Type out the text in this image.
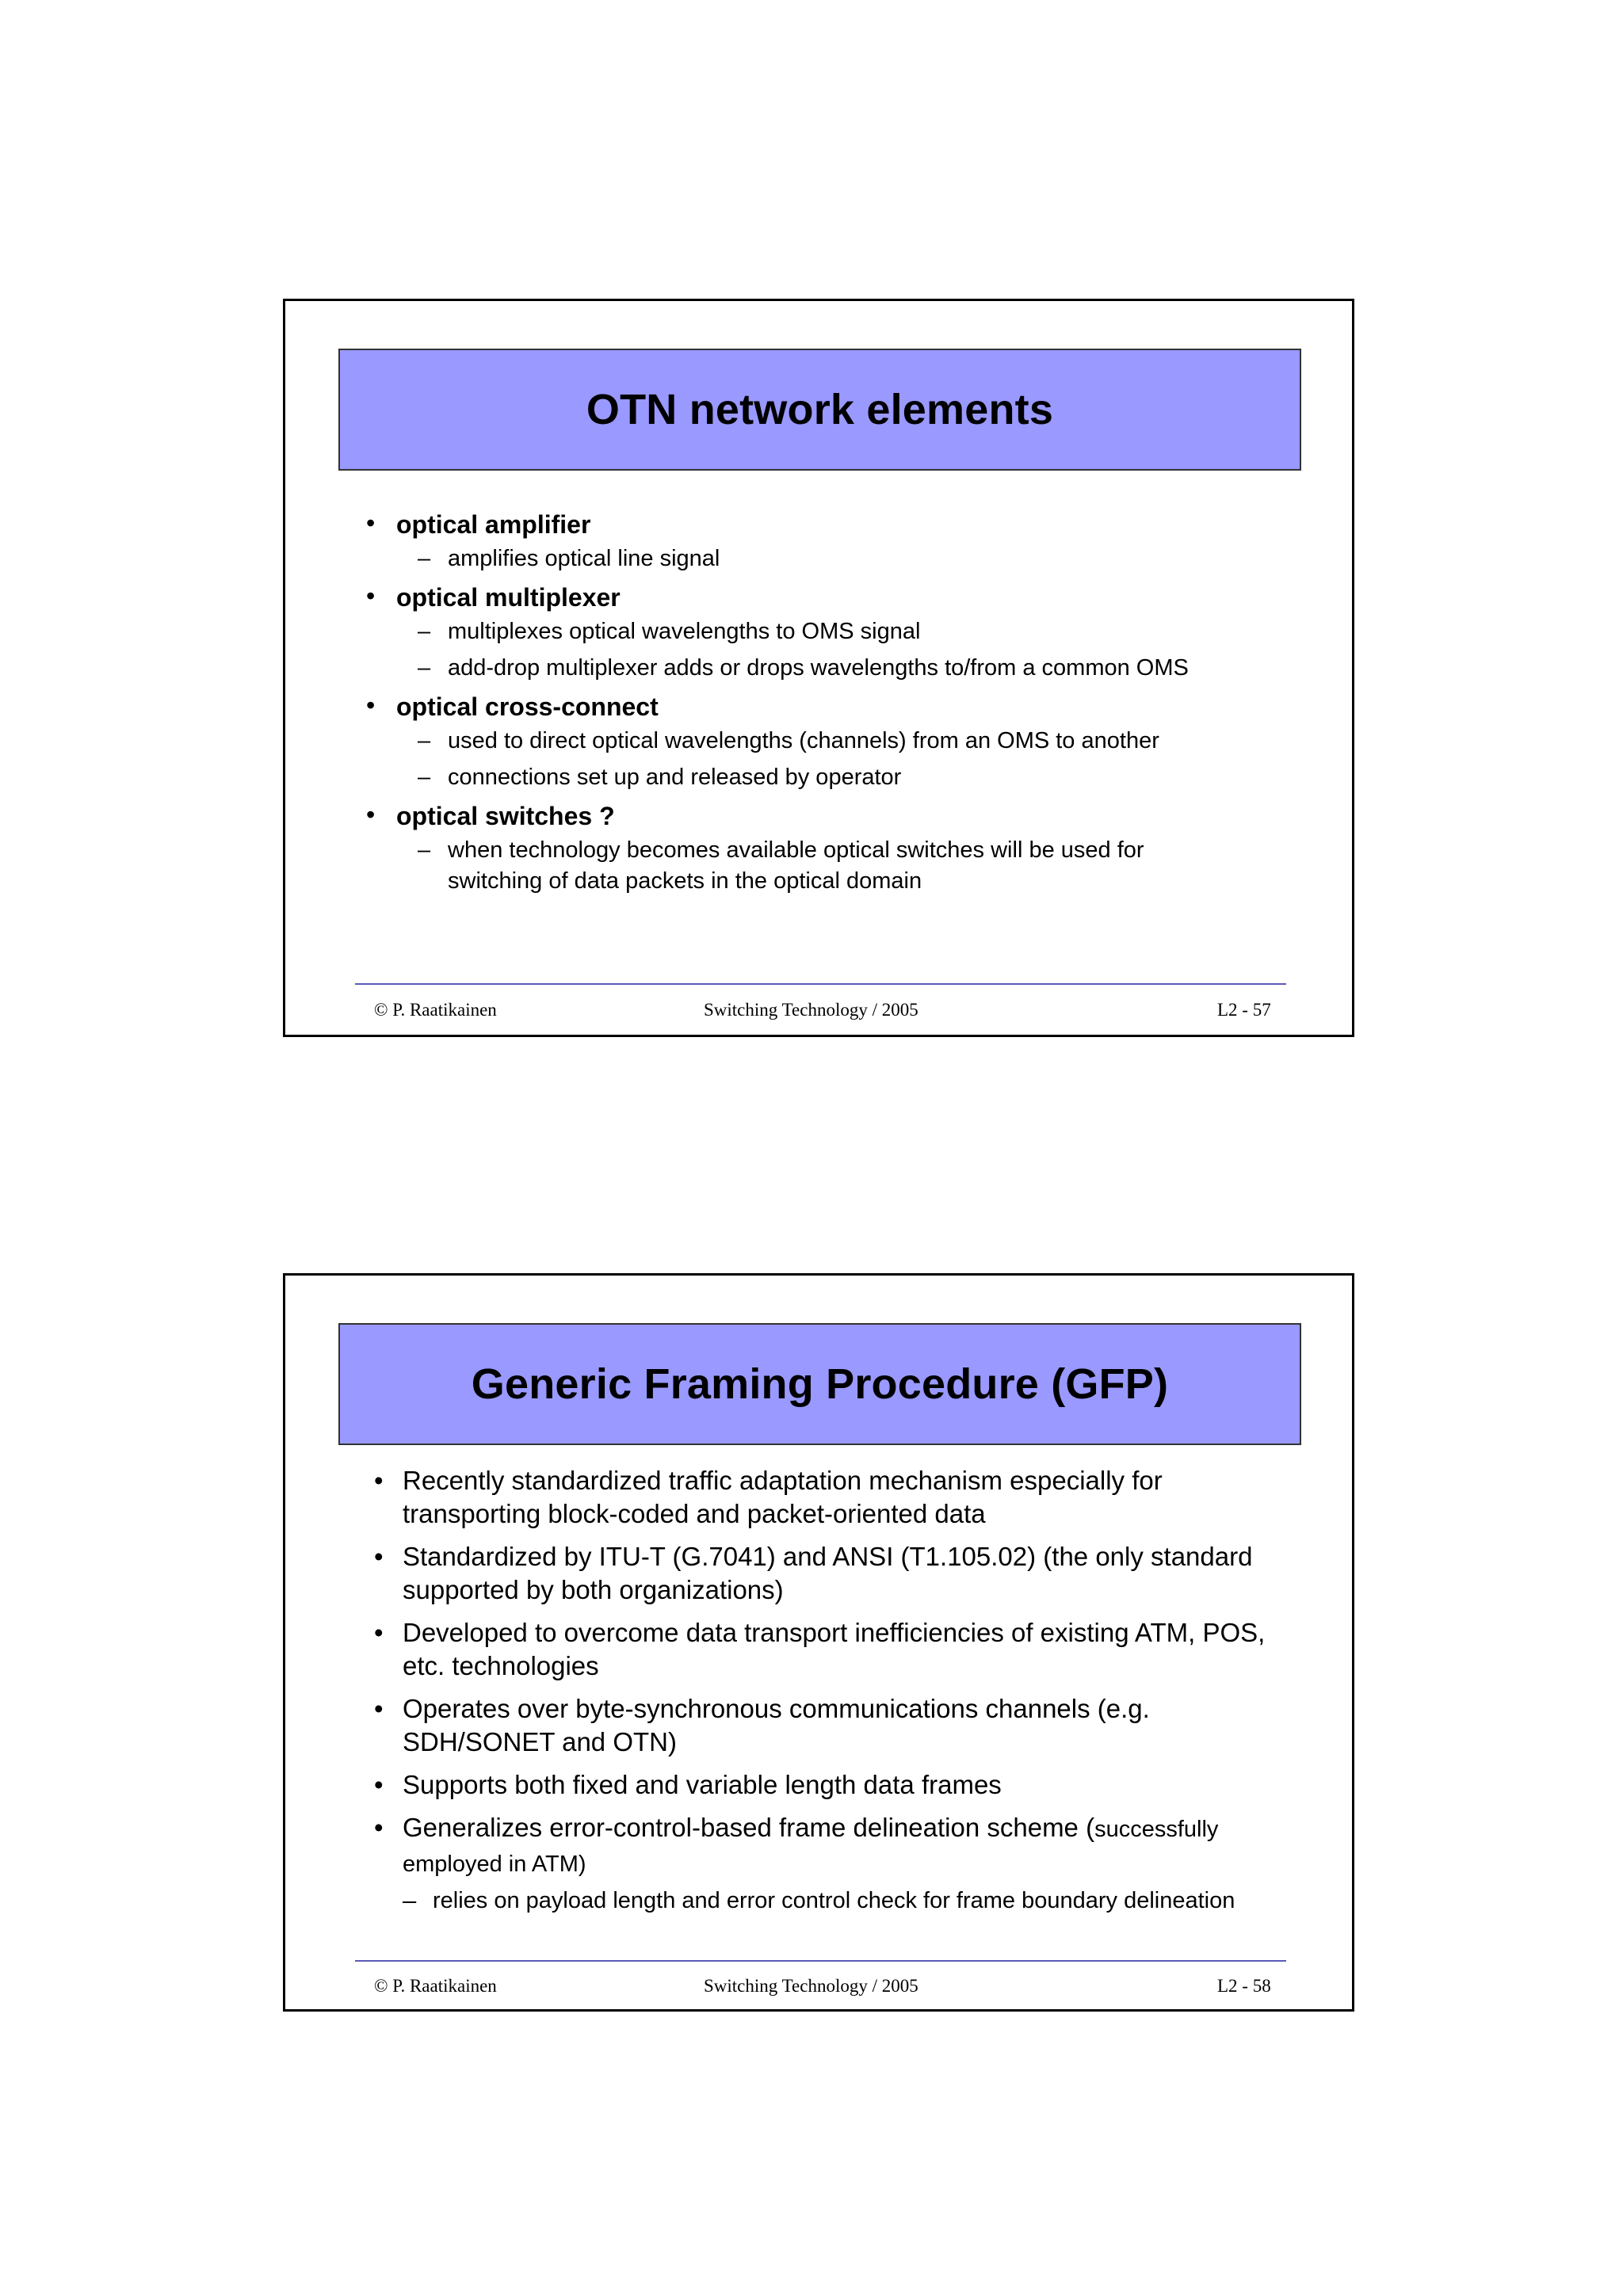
OTN network elements
• optical amplifier
– amplifies optical line signal
• optical multiplexer
– multiplexes optical wavelengths to OMS signal
– add-drop multiplexer adds or drops wavelengths to/from a common OMS
• optical cross-connect
– used to direct optical wavelengths (channels) from an OMS to another
– connections set up and released by operator
• optical switches ?
– when technology becomes available optical switches will be used for switching of data packets in the optical domain
© P. Raatikainen	Switching Technology / 2005	L2 - 57
Generic Framing Procedure (GFP)
• Recently standardized traffic adaptation mechanism especially for transporting block-coded and packet-oriented data
• Standardized by ITU-T (G.7041) and ANSI (T1.105.02) (the only standard supported by both organizations)
• Developed to overcome data transport inefficiencies of existing ATM, POS, etc. technologies
• Operates over byte-synchronous communications channels (e.g. SDH/SONET and OTN)
• Supports both fixed and variable length data frames
• Generalizes error-control-based frame delineation scheme (successfully employed in ATM)
– relies on payload length and error control check for frame boundary delineation
© P. Raatikainen	Switching Technology / 2005	L2 - 58
